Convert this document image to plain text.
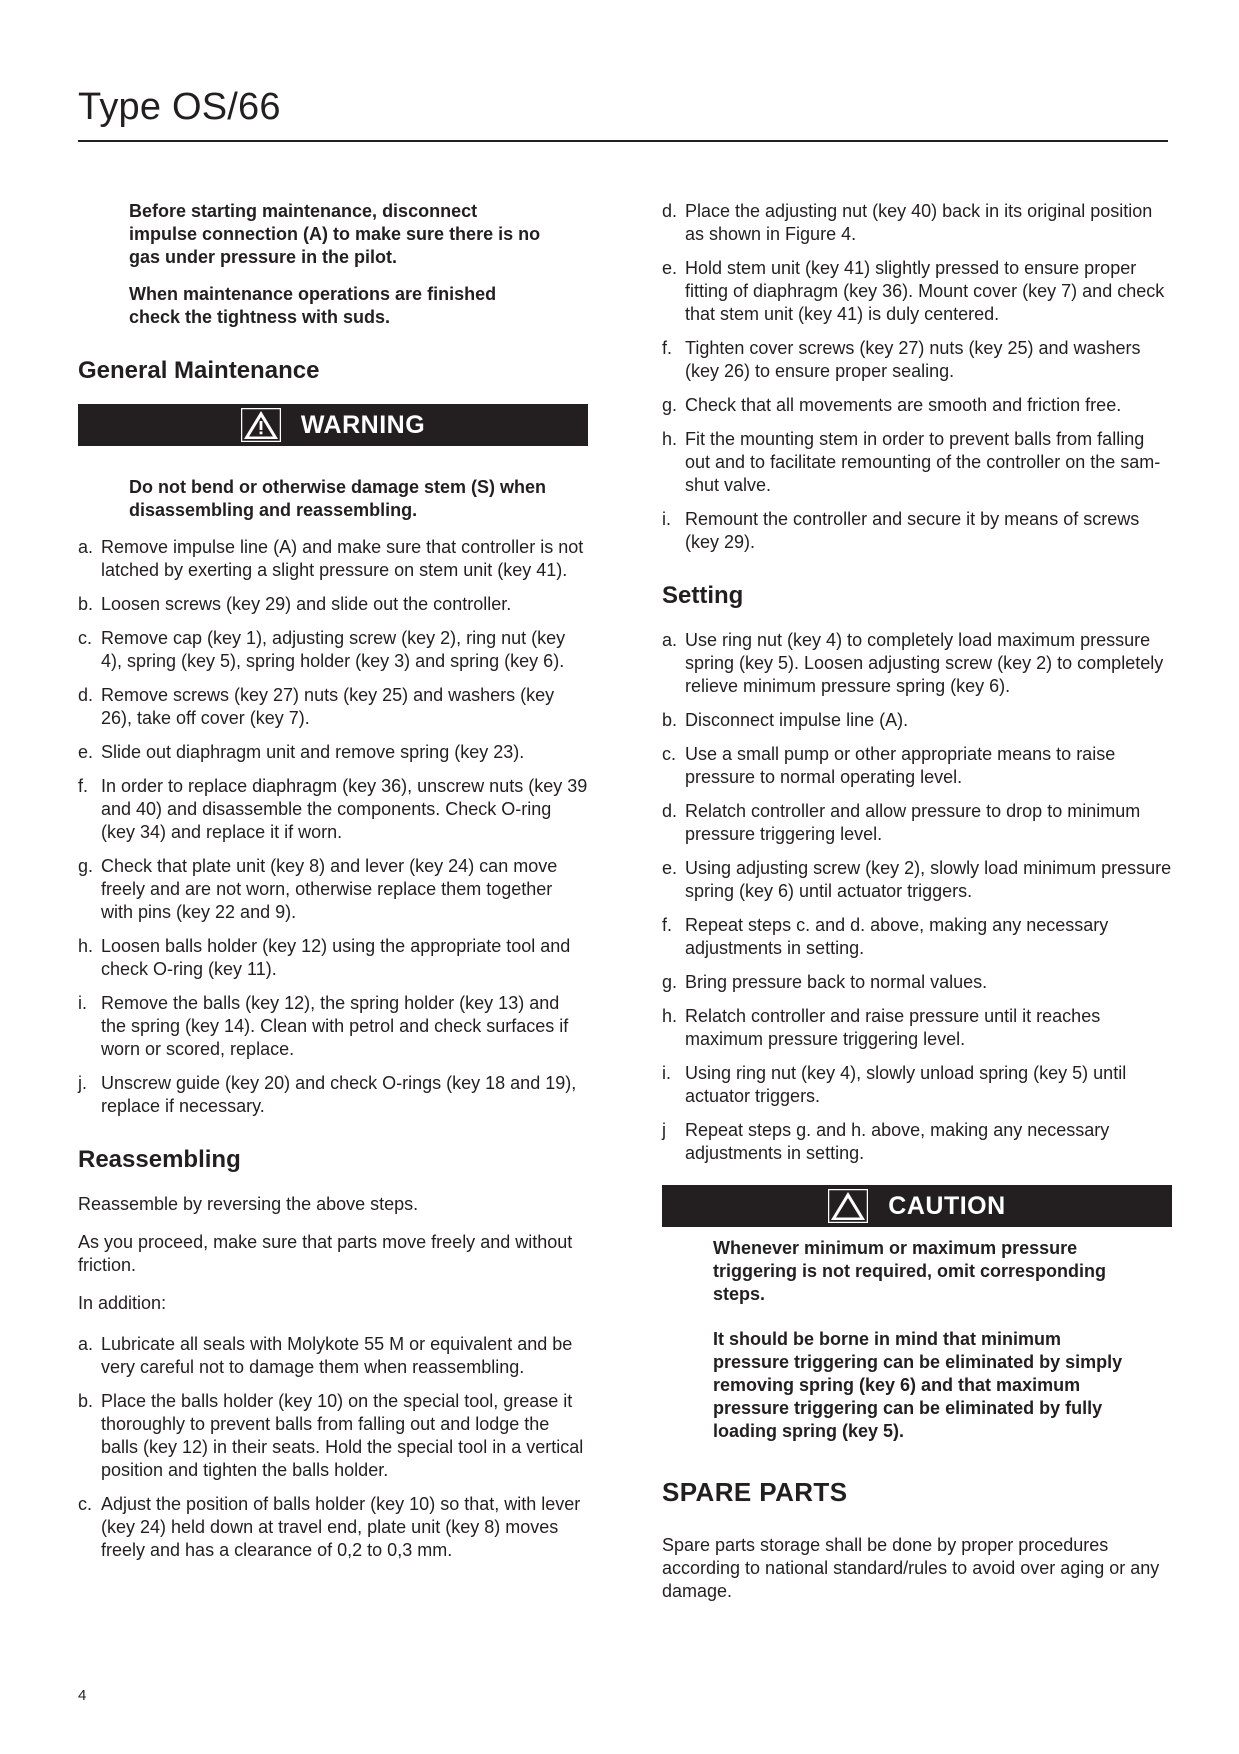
Type OS/66

Before starting maintenance, disconnect impulse connection (A) to make sure there is no gas under pressure in the pilot.

When maintenance operations are finished check the tightness with suds.

General Maintenance
WARNING

Do not bend or otherwise damage stem (S) when disassembling and reassembling.

a. Remove impulse line (A) and make sure that controller is not latched by exerting a slight pressure on stem unit (key 41).
b. Loosen screws (key 29) and slide out the controller.
c. Remove cap (key 1), adjusting screw (key 2), ring nut (key 4), spring (key 5), spring holder (key 3) and spring (key 6).
d. Remove screws (key 27) nuts (key 25) and washers (key 26), take off cover (key 7).
e. Slide out diaphragm unit and remove spring (key 23).
f. In order to replace diaphragm (key 36), unscrew nuts (key 39 and 40) and disassemble the components. Check O-ring (key 34) and replace it if worn.
g. Check that plate unit (key 8) and lever (key 24) can move freely and are not worn, otherwise replace them together with pins (key 22 and 9).
h. Loosen balls holder (key 12) using the appropriate tool and check O-ring (key 11).
i. Remove the balls (key 12), the spring holder (key 13) and the spring (key 14). Clean with petrol and check surfaces if worn or scored, replace.
j. Unscrew guide (key 20) and check O-rings (key 18 and 19), replace if necessary.
Reassembling

Reassemble by reversing the above steps.

As you proceed, make sure that parts move freely and without friction.

In addition:

a. Lubricate all seals with Molykote 55 M or equivalent and be very careful not to damage them when reassembling.
b. Place the balls holder (key 10) on the special tool, grease it thoroughly to prevent balls from falling out and lodge the balls (key 12) in their seats. Hold the special tool in a vertical position and tighten the balls holder.
c. Adjust the position of balls holder (key 10) so that, with lever (key 24) held down at travel end, plate unit (key 8) moves freely and has a clearance of 0,2 to 0,3 mm.
d. Place the adjusting nut (key 40) back in its original position as shown in Figure 4.
e. Hold stem unit (key 41) slightly pressed to ensure proper fitting of diaphragm (key 36). Mount cover (key 7) and check that stem unit (key 41) is duly centered.
f. Tighten cover screws (key 27) nuts (key 25) and washers (key 26) to ensure proper sealing.
g. Check that all movements are smooth and friction free.
h. Fit the mounting stem in order to prevent balls from falling out and to facilitate remounting of the controller on the sam-shut valve.
i. Remount the controller and secure it by means of screws (key 29).
Setting
a. Use ring nut (key 4) to completely load maximum pressure spring (key 5). Loosen adjusting screw (key 2) to completely relieve minimum pressure spring (key 6).
b. Disconnect impulse line (A).
c. Use a small pump or other appropriate means to raise pressure to normal operating level.
d. Relatch controller and allow pressure to drop to minimum pressure triggering level.
e. Using adjusting screw (key 2), slowly load minimum pressure spring (key 6) until actuator triggers.
f. Repeat steps c. and d. above, making any necessary adjustments in setting.
g. Bring pressure back to normal values.
h. Relatch controller and raise pressure until it reaches maximum pressure triggering level.
i. Using ring nut (key 4), slowly unload spring (key 5) until actuator triggers.
j	Repeat steps g. and h. above, making any necessary adjustments in setting.
CAUTION

Whenever minimum or maximum pressure triggering is not required, omit corresponding steps.

It should be borne in mind that minimum pressure triggering can be eliminated by simply removing spring (key 6) and that maximum pressure triggering can be eliminated by fully loading spring (key 5).

SPARE PARTS

Spare parts storage shall be done by proper procedures according to national standard/rules to avoid over aging or any damage.

4
